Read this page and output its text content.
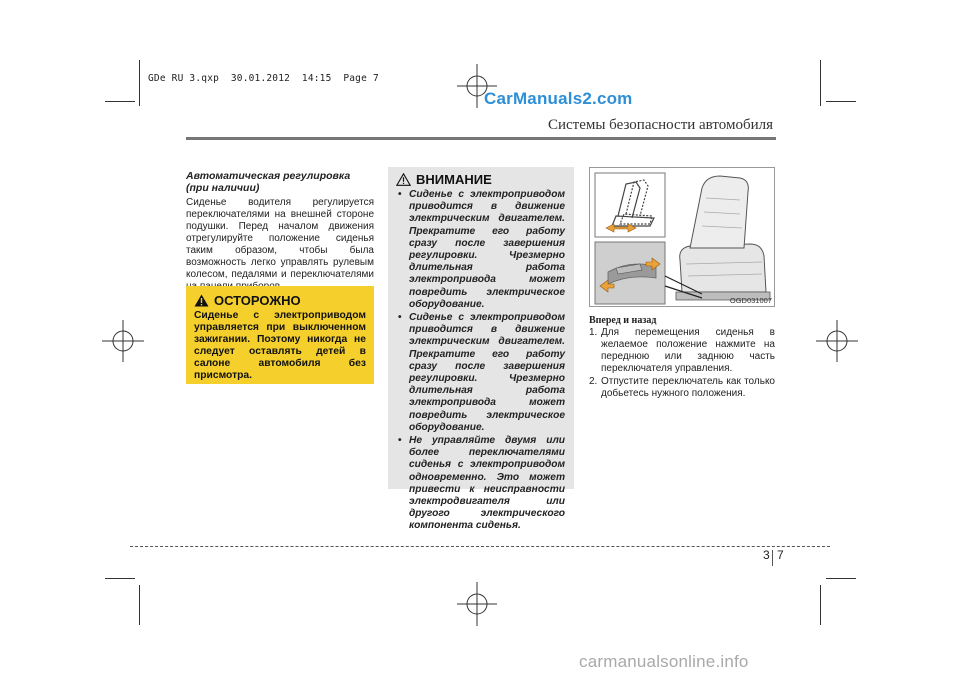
GDe RU 3.qxp  30.01.2012  14:15  Page 7
CarManuals2.com
Системы безопасности автомобиля
Автоматическая регулировка
(при наличии)
Сиденье водителя регулируется переключателями на внешней стороне подушки. Перед началом движения отрегулируйте положение сиденья таким образом, чтобы была возможность легко управлять рулевым колесом, педалями и переключателями
ОСТОРОЖНО
Сиденье с электроприводом управляется при выключенном зажигании. Поэтому никогда не следует оставлять детей в салоне автомобиля без присмотра.
ВНИМАНИЕ
• Сиденье с электроприводом приводится в движение электрическим двигателем. Прекратите его работу сразу после завершения регулировки. Чрезмерно длительная работа электропривода может повредить электрическое оборудование.
• Сиденье с электроприводом приводится в движение электрическим двигателем. Прекратите его работу сразу после завершения регулировки. Чрезмерно длительная работа электропривода может повредить электрическое оборудование.
• Не управляйте двумя или более переключателями сиденья с электроприводом одновременно. Это может привести к неисправности электродвигателя или другого электрического компонента сиденья.
OGD031007
Вперед и назад
1. Для перемещения сиденья в желаемое положение нажмите на переднюю или заднюю часть переключателя управления.
2. Отпустите переключатель как только добьетесь нужного положения.
3 7
carmanualsonline.info
